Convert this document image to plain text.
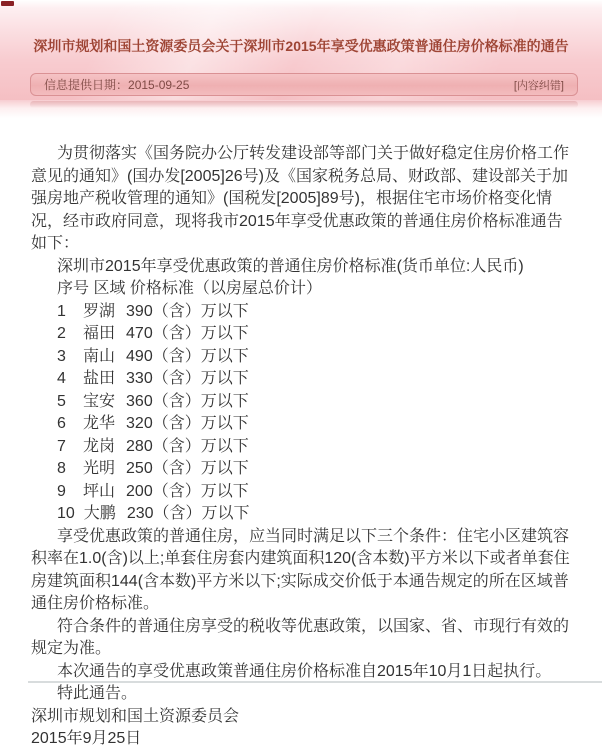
深圳市规划和国土资源委员会关于深圳市2015年享受优惠政策普通住房价格标准的通告
信息提供日期： 2015-09-25	[内容纠错]

为贯彻落实《国务院办公厅转发建设部等部门关于做好稳定住房价格工作意见的通知》(国办发[2005]26号)及《国家税务总局、财政部、建设部关于加强房地产税收管理的通知》(国税发[2005]89号)，根据住宅市场价格变化情况，经市政府同意，现将我市2015年享受优惠政策的普通住房价格标准通告如下：

深圳市2015年享受优惠政策的普通住房价格标准(货币单位:人民币)

序号 区域 价格标准（以房屋总价计）

1 罗湖 390（含）万以下
2 福田 470（含）万以下
3 南山 490（含）万以下
4 盐田 330（含）万以下
5 宝安 360（含）万以下
6 龙华 320（含）万以下
7 龙岗 280（含）万以下
8 光明 250（含）万以下
9 坪山 200（含）万以下
10 大鹏 230（含）万以下

享受优惠政策的普通住房，应当同时满足以下三个条件：住宅小区建筑容积率在1.0(含)以上;单套住房套内建筑面积120(含本数)平方米以下或者单套住房建筑面积144(含本数)平方米以下;实际成交价低于本通告规定的所在区域普通住房价格标准。

符合条件的普通住房享受的税收等优惠政策，以国家、省、市现行有效的规定为准。

本次通告的享受优惠政策普通住房价格标准自2015年10月1日起执行。

特此通告。

深圳市规划和国土资源委员会

2015年9月25日
